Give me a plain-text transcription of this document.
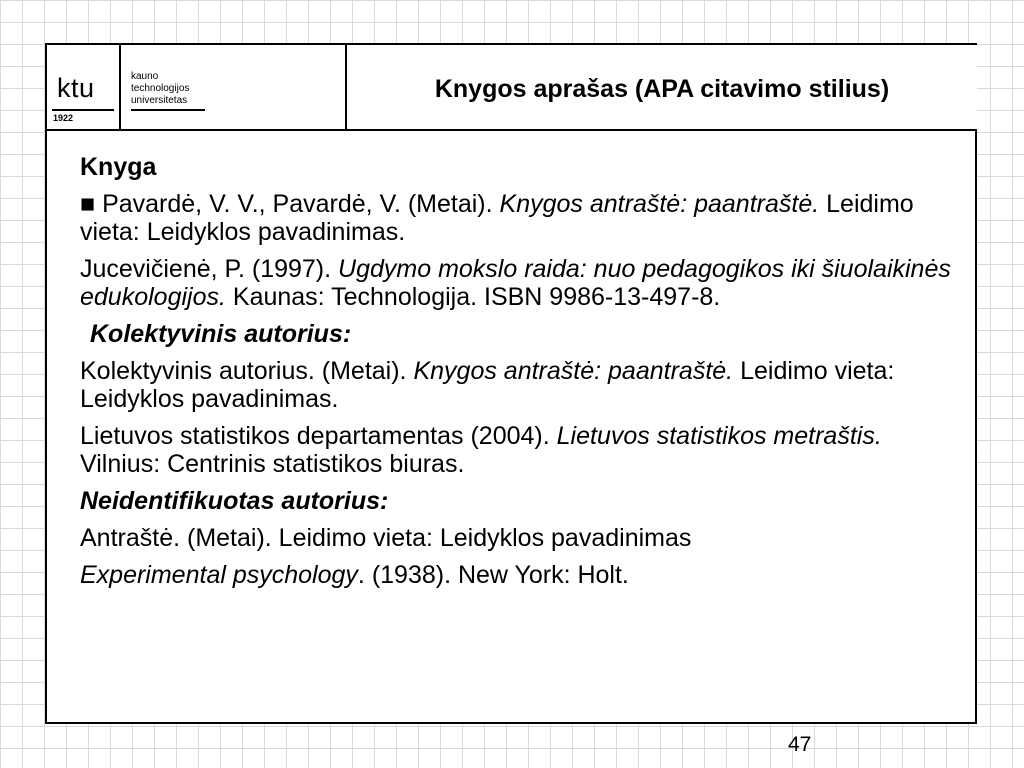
ktu
1922
kauno
technologijos
universitetas	Knygos aprašas (APA citavimo stilius)

Knyga

■ Pavardė, V. V., Pavardė, V. (Metai). Knygos antraštė: paantraštė. Leidimo vieta: Leidyklos pavadinimas.

Jucevičienė, P. (1997). Ugdymo mokslo raida: nuo pedagogikos iki šiuolaikinės
edukologijos. Kaunas: Technologija. ISBN 9986-13-497-8.

Kolektyvinis autorius:

Kolektyvinis autorius. (Metai). Knygos antraštė: paantraštė. Leidimo vieta: Leidyklos pavadinimas.

Lietuvos statistikos departamentas (2004). Lietuvos statistikos metraštis. Vilnius: Centrinis statistikos biuras.

Neidentifikuotas autorius:

Antraštė. (Metai). Leidimo vieta: Leidyklos pavadinimas

Experimental psychology. (1938). New York: Holt.

47
